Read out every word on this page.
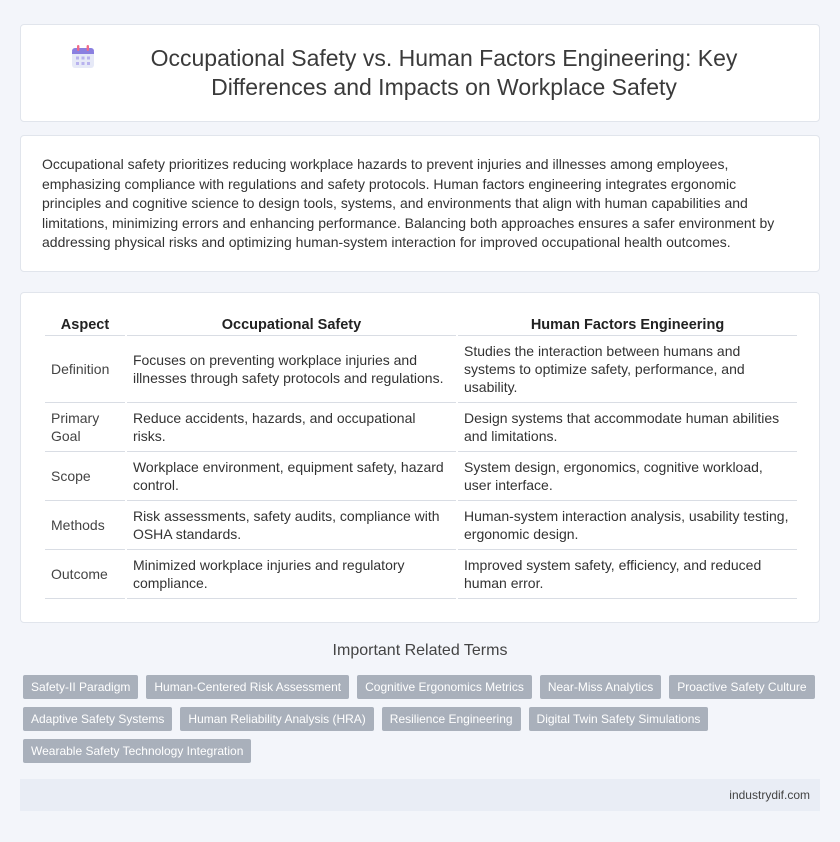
Occupational Safety vs. Human Factors Engineering: Key Differences and Impacts on Workplace Safety

Occupational safety prioritizes reducing workplace hazards to prevent injuries and illnesses among employees, emphasizing compliance with regulations and safety protocols. Human factors engineering integrates ergonomic principles and cognitive science to design tools, systems, and environments that align with human capabilities and limitations, minimizing errors and enhancing performance. Balancing both approaches ensures a safer environment by addressing physical risks and optimizing human-system interaction for improved occupational health outcomes.

Aspect	Occupational Safety	Human Factors Engineering
Definition	Focuses on preventing workplace injuries and illnesses through safety protocols and regulations.	Studies the interaction between humans and systems to optimize safety, performance, and usability.
Primary Goal	Reduce accidents, hazards, and occupational risks.	Design systems that accommodate human abilities and limitations.
Scope	Workplace environment, equipment safety, hazard control.	System design, ergonomics, cognitive workload, user interface.
Methods	Risk assessments, safety audits, compliance with OSHA standards.	Human-system interaction analysis, usability testing, ergonomic design.
Outcome	Minimized workplace injuries and regulatory compliance.	Improved system safety, efficiency, and reduced human error.
Important Related Terms
Safety-II Paradigm	Human-Centered Risk Assessment	Cognitive Ergonomics Metrics	Near-Miss Analytics	Proactive Safety Culture
Adaptive Safety Systems	Human Reliability Analysis (HRA)	Resilience Engineering	Digital Twin Safety Simulations
Wearable Safety Technology Integration
industrydif.com
